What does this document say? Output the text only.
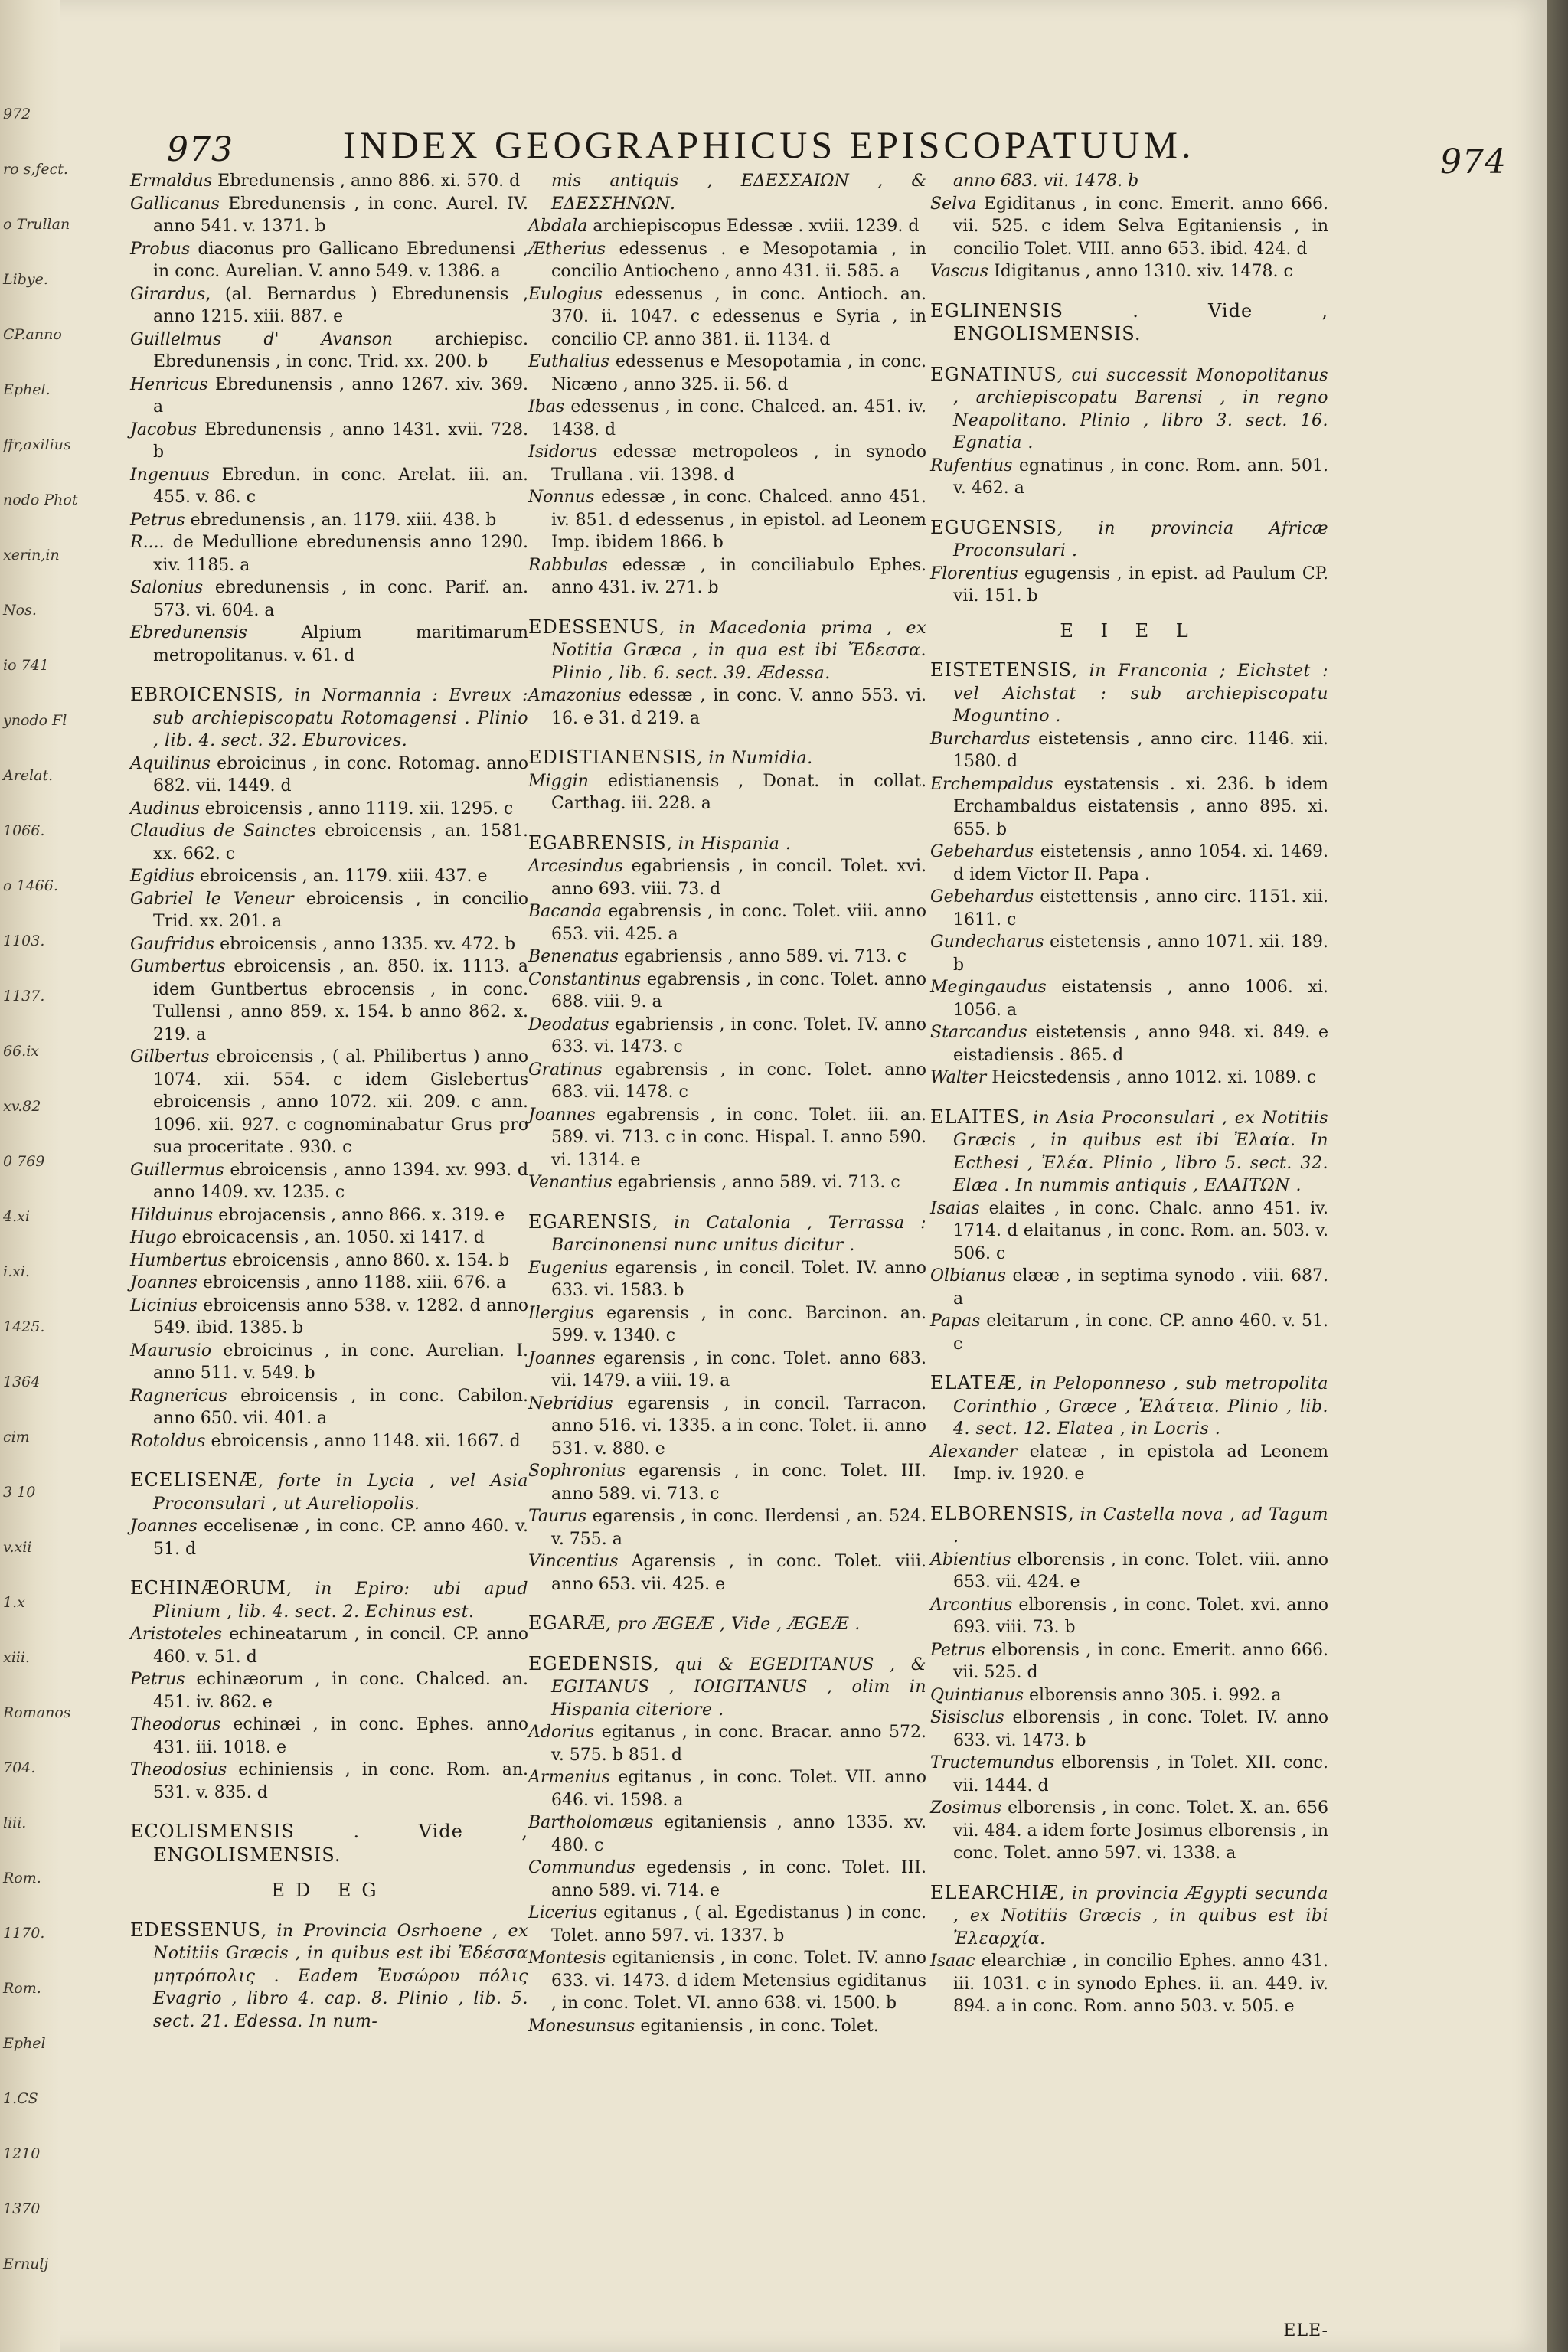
972
ro s,fect.
o Trullan
Libye.
CP.anno
Ephel.
ffr,axilius
nodo Phot
xerin,in
Nos.
io 741
ynodo Fl
Arelat.
1066.
o 1466.
1103.
1137.
66.ix
xv.82
0 769
4.xi
i.xi.
1425.
1364
cim
3 10
v.xii
1.x
xiii.
Romanos
704.
liii.
Rom.
1170.
Rom.
Ephel
1.CS
1210
1370
Ernulj
973	INDEX GEOGRAPHICUS EPISCOPATUUM.	974

Ermaldus Ebredunensis , anno 886. xi. 570. d

Gallicanus Ebredunensis , in conc. Aurel. IV. anno 541. v. 1371. b

Probus diaconus pro Gallicano Ebredunensi , in conc. Aurelian. V. anno 549. v. 1386. a

Girardus, (al. Bernardus ) Ebredunensis , anno 1215. xiii. 887. e

Guillelmus d' Avanson archiepisc. Ebredunensis , in conc. Trid. xx. 200. b

Henricus Ebredunensis , anno 1267. xiv. 369. a

Jacobus Ebredunensis , anno 1431. xvii. 728. b

Ingenuus Ebredun. in conc. Arelat. iii. an. 455. v. 86. c

Petrus ebredunensis , an. 1179. xiii. 438. b

R.... de Medullione ebredunensis anno 1290. xiv. 1185. a

Salonius ebredunensis , in conc. Parif. an. 573. vi. 604. a

Ebredunensis Alpium maritimarum metropolitanus. v. 61. d

EBROICENSIS, in Normannia : Evreux : sub archiepiscopatu Rotomagensi . Plinio , lib. 4. sect. 32. Eburovices.

Aquilinus ebroicinus , in conc. Rotomag. anno 682. vii. 1449. d

Audinus ebroicensis , anno 1119. xii. 1295. c

Claudius de Sainctes ebroicensis , an. 1581. xx. 662. c

Egidius ebroicensis , an. 1179. xiii. 437. e

Gabriel le Veneur ebroicensis , in concilio Trid. xx. 201. a

Gaufridus ebroicensis , anno 1335. xv. 472. b

Gumbertus ebroicensis , an. 850. ix. 1113. a idem Guntbertus ebrocensis , in conc. Tullensi , anno 859. x. 154. b anno 862. x. 219. a

Gilbertus ebroicensis , ( al. Philibertus ) anno 1074. xii. 554. c idem Gislebertus ebroicensis , anno 1072. xii. 209. c ann. 1096. xii. 927. c cognominabatur Grus pro sua proceritate . 930. c

Guillermus ebroicensis , anno 1394. xv. 993. d anno 1409. xv. 1235. c

Hilduinus ebrojacensis , anno 866. x. 319. e

Hugo ebroicacensis , an. 1050. xi 1417. d

Humbertus ebroicensis , anno 860. x. 154. b

Joannes ebroicensis , anno 1188. xiii. 676. a

Licinius ebroicensis anno 538. v. 1282. d anno 549. ibid. 1385. b

Maurusio ebroicinus , in conc. Aurelian. I. anno 511. v. 549. b

Ragnericus ebroicensis , in conc. Cabilon. anno 650. vii. 401. a

Rotoldus ebroicensis , anno 1148. xii. 1667. d

ECELISENÆ, forte in Lycia , vel Asia Proconsulari , ut Aureliopolis.

Joannes eccelisenæ , in conc. CP. anno 460. v. 51. d

ECHINÆORUM, in Epiro: ubi apud Plinium , lib. 4. sect. 2. Echinus est.

Aristoteles echineatarum , in concil. CP. anno 460. v. 51. d

Petrus echinæorum , in conc. Chalced. an. 451. iv. 862. e

Theodorus echinæi , in conc. Ephes. anno 431. iii. 1018. e

Theodosius echiniensis , in conc. Rom. an. 531. v. 835. d

ECOLISMENSIS . Vide , ENGOLISMENSIS.

ED EG

EDESSENUS, in Provincia Osrhoene , ex Notitiis Græcis , in quibus est ibi Ἐδέσσα μητρόπολις . Eadem Ἐυσώρου πόλις Evagrio , libro 4. cap. 8. Plinio , lib. 5. sect. 21. Edessa. In num-

mis antiquis , ΕΔΕΣΣΑΙΩΝ , & ΕΔΕΣΣΗΝΩΝ.

Abdala archiepiscopus Edessæ . xviii. 1239. d

Ætherius edessenus . e Mesopotamia , in concilio Antiocheno , anno 431. ii. 585. a

Eulogius edessenus , in conc. Antioch. an. 370. ii. 1047. c edessenus e Syria , in concilio CP. anno 381. ii. 1134. d

Euthalius edessenus e Mesopotamia , in conc. Nicæno , anno 325. ii. 56. d

Ibas edessenus , in conc. Chalced. an. 451. iv. 1438. d

Isidorus edessæ metropoleos , in synodo Trullana . vii. 1398. d

Nonnus edessæ , in conc. Chalced. anno 451. iv. 851. d edessenus , in epistol. ad Leonem Imp. ibidem 1866. b

Rabbulas edessæ , in conciliabulo Ephes. anno 431. iv. 271. b

EDESSENUS, in Macedonia prima , ex Notitia Græca , in qua est ibi Ἔδεσσα. Plinio , lib. 6. sect. 39. Ædessa.

Amazonius edessæ , in conc. V. anno 553. vi. 16. e 31. d 219. a

EDISTIANENSIS, in Numidia.

Miggin edistianensis , Donat. in collat. Carthag. iii. 228. a

EGABRENSIS, in Hispania .

Arcesindus egabriensis , in concil. Tolet. xvi. anno 693. viii. 73. d

Bacanda egabrensis , in conc. Tolet. viii. anno 653. vii. 425. a

Benenatus egabriensis , anno 589. vi. 713. c

Constantinus egabrensis , in conc. Tolet. anno 688. viii. 9. a

Deodatus egabriensis , in conc. Tolet. IV. anno 633. vi. 1473. c

Gratinus egabrensis , in conc. Tolet. anno 683. vii. 1478. c

Joannes egabrensis , in conc. Tolet. iii. an. 589. vi. 713. c in conc. Hispal. I. anno 590. vi. 1314. e

Venantius egabriensis , anno 589. vi. 713. c

EGARENSIS, in Catalonia , Terrassa : Barcinonensi nunc unitus dicitur .

Eugenius egarensis , in concil. Tolet. IV. anno 633. vi. 1583. b

Ilergius egarensis , in conc. Barcinon. an. 599. v. 1340. c

Joannes egarensis , in conc. Tolet. anno 683. vii. 1479. a viii. 19. a

Nebridius egarensis , in concil. Tarracon. anno 516. vi. 1335. a in conc. Tolet. ii. anno 531. v. 880. e

Sophronius egarensis , in conc. Tolet. III. anno 589. vi. 713. c

Taurus egarensis , in conc. Ilerdensi , an. 524. v. 755. a

Vincentius Agarensis , in conc. Tolet. viii. anno 653. vii. 425. e

EGARÆ, pro ÆGEÆ , Vide , ÆGEÆ .

EGEDENSIS, qui & EGEDITANUS , & EGITANUS , IOIGITANUS , olim in Hispania citeriore .

Adorius egitanus , in conc. Bracar. anno 572. v. 575. b 851. d

Armenius egitanus , in conc. Tolet. VII. anno 646. vi. 1598. a

Bartholomæus egitaniensis , anno 1335. xv. 480. c

Commundus egedensis , in conc. Tolet. III. anno 589. vi. 714. e

Licerius egitanus , ( al. Egedistanus ) in conc. Tolet. anno 597. vi. 1337. b

Montesis egitaniensis , in conc. Tolet. IV. anno 633. vi. 1473. d idem Metensius egiditanus , in conc. Tolet. VI. anno 638. vi. 1500. b

Monesunsus egitaniensis , in conc. Tolet.

anno 683. vii. 1478. b

Selva Egiditanus , in conc. Emerit. anno 666. vii. 525. c idem Selva Egitaniensis , in concilio Tolet. VIII. anno 653. ibid. 424. d

Vascus Idigitanus , anno 1310. xiv. 1478. c

EGLINENSIS . Vide , ENGOLISMENSIS.

EGNATINUS, cui successit Monopolitanus , archiepiscopatu Barensi , in regno Neapolitano. Plinio , libro 3. sect. 16. Egnatia .

Rufentius egnatinus , in conc. Rom. ann. 501. v. 462. a

EGUGENSIS, in provincia Africæ Proconsulari .

Florentius egugensis , in epist. ad Paulum CP. vii. 151. b

E I E L

EISTETENSIS, in Franconia ; Eichstet : vel Aichstat : sub archiepiscopatu Moguntino .

Burchardus eistetensis , anno circ. 1146. xii. 1580. d

Erchempaldus eystatensis . xi. 236. b idem Erchambaldus eistatensis , anno 895. xi. 655. b

Gebehardus eistetensis , anno 1054. xi. 1469. d idem Victor II. Papa .

Gebehardus eistettensis , anno circ. 1151. xii. 1611. c

Gundecharus eistetensis , anno 1071. xii. 189. b

Megingaudus eistatensis , anno 1006. xi. 1056. a

Starcandus eistetensis , anno 948. xi. 849. e eistadiensis . 865. d

Walter Heicstedensis , anno 1012. xi. 1089. c

ELAITES, in Asia Proconsulari , ex Notitiis Græcis , in quibus est ibi Ἐλαία. In Ecthesi , Ἐλέα. Plinio , libro 5. sect. 32. Elæa . In nummis antiquis , ΕΛΑΙΤΩΝ .

Isaias elaites , in conc. Chalc. anno 451. iv. 1714. d elaitanus , in conc. Rom. an. 503. v. 506. c

Olbianus elææ , in septima synodo . viii. 687. a

Papas eleitarum , in conc. CP. anno 460. v. 51. c

ELATEÆ, in Peloponneso , sub metropolita Corinthio , Græce , Ἐλάτεια. Plinio , lib. 4. sect. 12. Elatea , in Locris .

Alexander elateæ , in epistola ad Leonem Imp. iv. 1920. e

ELBORENSIS, in Castella nova , ad Tagum .

Abientius elborensis , in conc. Tolet. viii. anno 653. vii. 424. e

Arcontius elborensis , in conc. Tolet. xvi. anno 693. viii. 73. b

Petrus elborensis , in conc. Emerit. anno 666. vii. 525. d

Quintianus elborensis anno 305. i. 992. a

Sisisclus elborensis , in conc. Tolet. IV. anno 633. vi. 1473. b

Tructemundus elborensis , in Tolet. XII. conc. vii. 1444. d

Zosimus elborensis , in conc. Tolet. X. an. 656 vii. 484. a idem forte Josimus elborensis , in conc. Tolet. anno 597. vi. 1338. a

ELEARCHIÆ, in provincia Ægypti secunda , ex Notitiis Græcis , in quibus est ibi Ἐλεαρχία.

Isaac elearchiæ , in concilio Ephes. anno 431. iii. 1031. c in synodo Ephes. ii. an. 449. iv. 894. a in conc. Rom. anno 503. v. 505. e

ELE-
